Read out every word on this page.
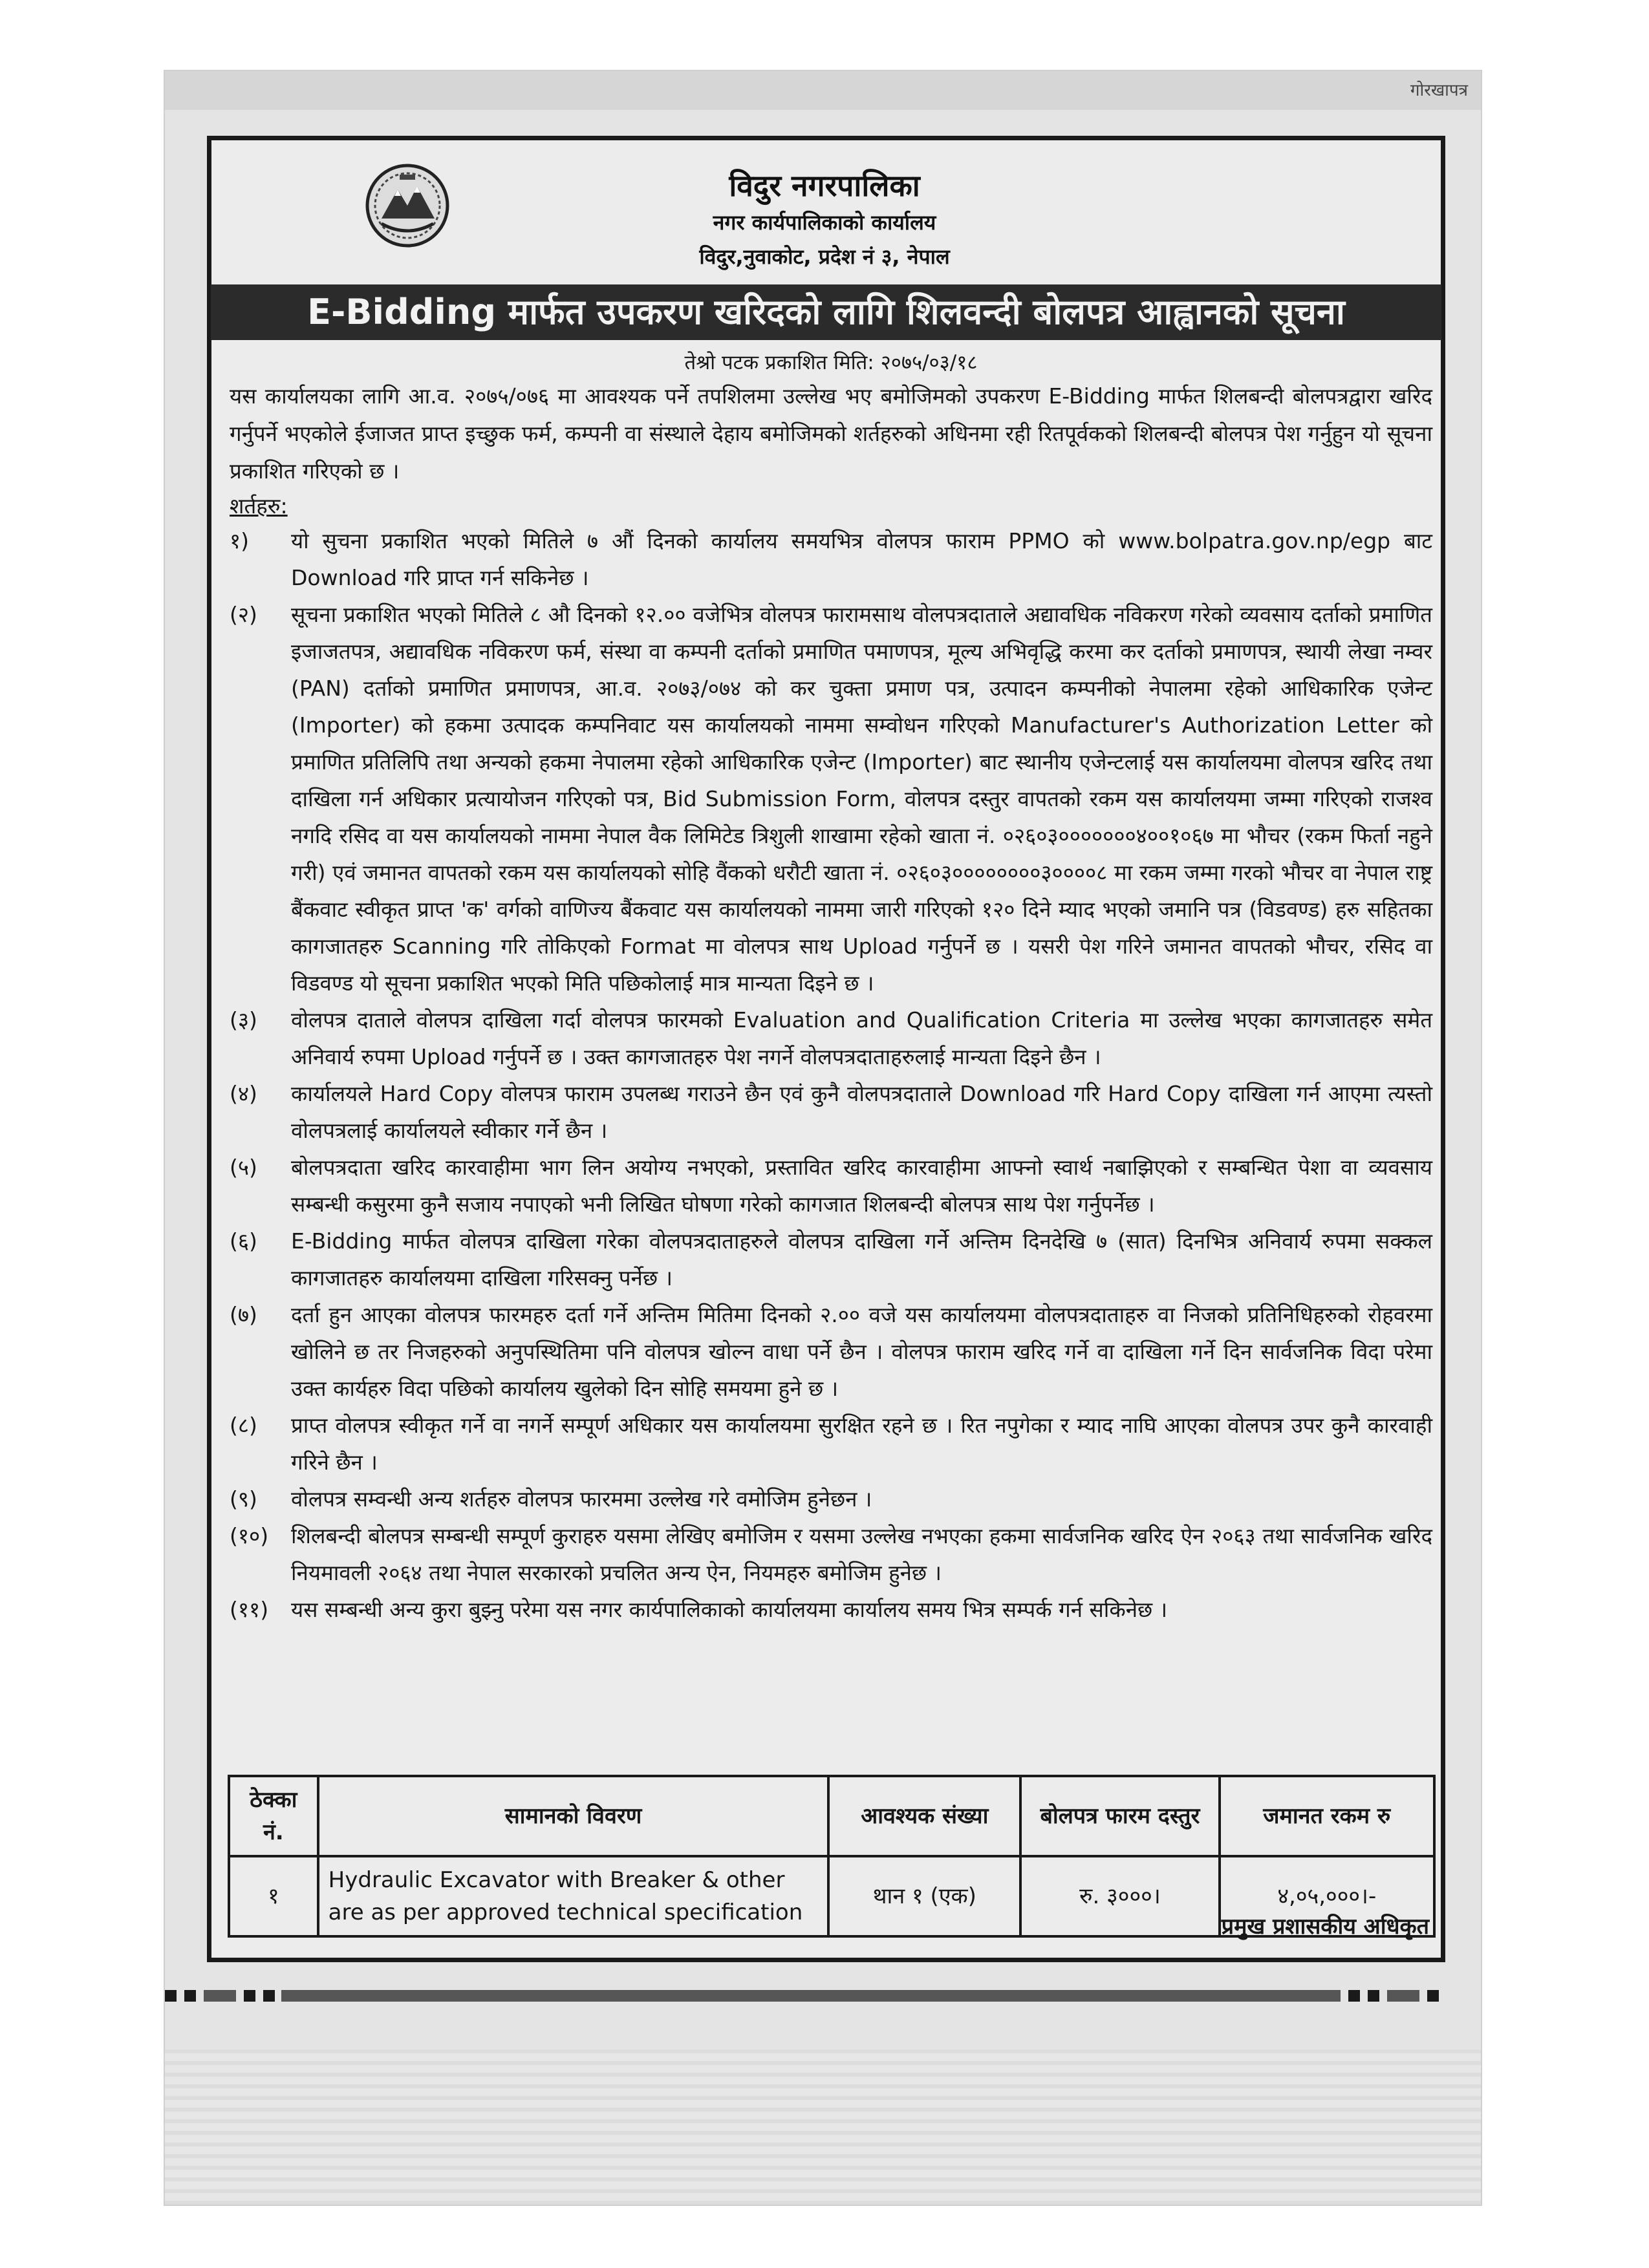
गोरखापत्र
विदुर नगरपालिका
नगर कार्यपालिकाको कार्यालय
विदुर,नुवाकोट, प्रदेश नं ३, नेपाल
E-Bidding मार्फत उपकरण खरिदको लागि शिलवन्दी बोलपत्र आह्वानको सूचना
तेश्रो पटक प्रकाशित मिति: २०७५/०३/१८
यस कार्यालयका लागि आ.व. २०७५/०७६ मा आवश्यक पर्ने तपशिलमा उल्लेख भए बमोजिमको उपकरण E-Bidding मार्फत शिलबन्दी बोलपत्रद्वारा खरिद गर्नुपर्ने भएकोले ईजाजत प्राप्त इच्छुक फर्म, कम्पनी वा संस्थाले देहाय बमोजिमको शर्तहरुको अधिनमा रही रितपूर्वकको शिलबन्दी बोलपत्र पेश गर्नुहुन यो सूचना प्रकाशित गरिएको छ ।
शर्तहरु:
१)	यो सुचना प्रकाशित भएको मितिले ७ औं दिनको कार्यालय समयभित्र वोलपत्र फाराम PPMO को www.bolpatra.gov.np/egp बाट Download गरि प्राप्त गर्न सकिनेछ ।
(२)	सूचना प्रकाशित भएको मितिले ८ औ दिनको १२.०० वजेभित्र वोलपत्र फारामसाथ वोलपत्रदाताले अद्यावधिक नविकरण गरेको व्यवसाय दर्ताको प्रमाणित इजाजतपत्र, अद्यावधिक नविकरण फर्म, संस्था वा कम्पनी दर्ताको प्रमाणित पमाणपत्र, मूल्य अभिवृद्धि करमा कर दर्ताको प्रमाणपत्र, स्थायी लेखा नम्वर (PAN) दर्ताको प्रमाणित प्रमाणपत्र, आ.व. २०७३/०७४ को कर चुक्ता प्रमाण पत्र, उत्पादन कम्पनीको नेपालमा रहेको आधिकारिक एजेन्ट (Importer) को हकमा उत्पादक कम्पनिवाट यस कार्यालयको नाममा सम्वोधन गरिएको Manufacturer's Authorization Letter को प्रमाणित प्रतिलिपि तथा अन्यको हकमा नेपालमा रहेको आधिकारिक एजेन्ट (Importer) बाट स्थानीय एजेन्टलाई यस कार्यालयमा वोलपत्र खरिद तथा दाखिला गर्न अधिकार प्रत्यायोजन गरिएको पत्र, Bid Submission Form, वोलपत्र दस्तुर वापतको रकम यस कार्यालयमा जम्मा गरिएको राजश्व नगदि रसिद वा यस कार्यालयको नाममा नेपाल वैक लिमिटेड त्रिशुली शाखामा रहेको खाता नं. ०२६०३०००००००४००१०६७ मा भौचर (रकम फिर्ता नहुने गरी) एवं जमानत वापतको रकम यस कार्यालयको सोहि वैंकको धरौटी खाता नं. ०२६०३००००००००३००००८ मा रकम जम्मा गरको भौचर वा नेपाल राष्ट्र बैंकवाट स्वीकृत प्राप्त 'क' वर्गको वाणिज्य बैंकवाट यस कार्यालयको नाममा जारी गरिएको १२० दिने म्याद भएको जमानि पत्र (विडवण्ड) हरु सहितका कागजातहरु Scanning गरि तोकिएको Format मा वोलपत्र साथ Upload गर्नुपर्ने छ । यसरी पेश गरिने जमानत वापतको भौचर, रसिद वा विडवण्ड यो सूचना प्रकाशित भएको मिति पछिकोलाई मात्र मान्यता दिइने छ ।
(३)	वोलपत्र दाताले वोलपत्र दाखिला गर्दा वोलपत्र फारमको Evaluation and Qualification Criteria मा उल्लेख भएका कागजातहरु समेत अनिवार्य रुपमा Upload गर्नुपर्ने छ । उक्त कागजातहरु पेश नगर्ने वोलपत्रदाताहरुलाई मान्यता दिइने छैन ।
(४)	कार्यालयले Hard Copy वोलपत्र फाराम उपलब्ध गराउने छैन एवं कुनै वोलपत्रदाताले Download गरि Hard Copy दाखिला गर्न आएमा त्यस्तो वोलपत्रलाई कार्यालयले स्वीकार गर्ने छैन ।
(५)	बोलपत्रदाता खरिद कारवाहीमा भाग लिन अयोग्य नभएको, प्रस्तावित खरिद कारवाहीमा आफ्नो स्वार्थ नबाझिएको र सम्बन्धित पेशा वा व्यवसाय सम्बन्धी कसुरमा कुनै सजाय नपाएको भनी लिखित घोषणा गरेको कागजात शिलबन्दी बोलपत्र साथ पेश गर्नुपर्नेछ ।
(६)	E-Bidding मार्फत वोलपत्र दाखिला गरेका वोलपत्रदाताहरुले वोलपत्र दाखिला गर्ने अन्तिम दिनदेखि ७ (सात) दिनभित्र अनिवार्य रुपमा सक्कल कागजातहरु कार्यालयमा दाखिला गरिसक्नु पर्नेछ ।
(७)	दर्ता हुन आएका वोलपत्र फारमहरु दर्ता गर्ने अन्तिम मितिमा दिनको २.०० वजे यस कार्यालयमा वोलपत्रदाताहरु वा निजको प्रतिनिधिहरुको रोहवरमा खोलिने छ तर निजहरुको अनुपस्थितिमा पनि वोलपत्र खोल्न वाधा पर्ने छैन । वोलपत्र फाराम खरिद गर्ने वा दाखिला गर्ने दिन सार्वजनिक विदा परेमा उक्त कार्यहरु विदा पछिको कार्यालय खुलेको दिन सोहि समयमा हुने छ ।
(८)	प्राप्त वोलपत्र स्वीकृत गर्ने वा नगर्ने सम्पूर्ण अधिकार यस कार्यालयमा सुरक्षित रहने छ । रित नपुगेका र म्याद नाघि आएका वोलपत्र उपर कुनै कारवाही गरिने छैन ।
(९)	वोलपत्र सम्वन्धी अन्य शर्तहरु वोलपत्र फारममा उल्लेख गरे वमोजिम हुनेछन ।
(१०)	शिलबन्दी बोलपत्र सम्बन्धी सम्पूर्ण कुराहरु यसमा लेखिए बमोजिम र यसमा उल्लेख नभएका हकमा सार्वजनिक खरिद ऐन २०६३ तथा सार्वजनिक खरिद नियमावली २०६४ तथा नेपाल सरकारको प्रचलित अन्य ऐन, नियमहरु बमोजिम हुनेछ ।
(११)	यस सम्बन्धी अन्य कुरा बुझ्नु परेमा यस नगर कार्यपालिकाको कार्यालयमा कार्यालय समय भित्र सम्पर्क गर्न सकिनेछ ।
ठेक्का नं.	सामानको विवरण	आवश्यक संख्या	बोलपत्र फारम दस्तुर	जमानत रकम रु
१	Hydraulic Excavator with Breaker & other are as per approved technical specification	थान १ (एक)	रु. ३०००।	४,०५,०००।-
प्रमुख प्रशासकीय अधिकृत
